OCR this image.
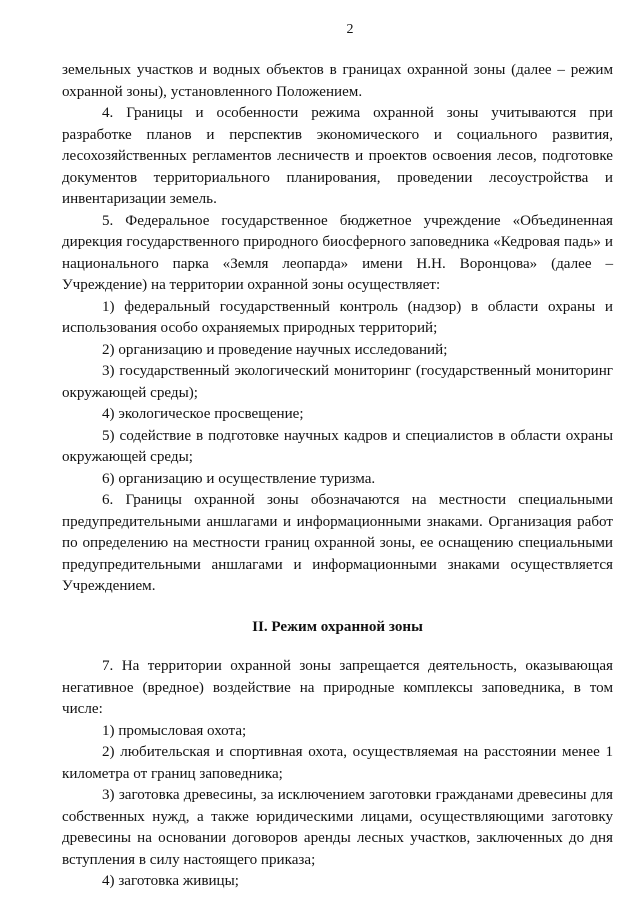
2

земельных участков и водных объектов в границах охранной зоны (далее – режим охранной зоны), установленного Положением.

4. Границы и особенности режима охранной зоны учитываются при разработке планов и перспектив экономического и социального развития, лесохозяйственных регламентов лесничеств и проектов освоения лесов, подготовке документов территориального планирования, проведении лесоустройства и инвентаризации земель.

5. Федеральное государственное бюджетное учреждение «Объединенная дирекция государственного природного биосферного заповедника «Кедровая падь» и национального парка «Земля леопарда» имени Н.Н. Воронцова» (далее – Учреждение) на территории охранной зоны осуществляет:

1) федеральный государственный контроль (надзор) в области охраны и использования особо охраняемых природных территорий;

2) организацию и проведение научных исследований;

3) государственный экологический мониторинг (государственный мониторинг окружающей среды);

4) экологическое просвещение;

5) содействие в подготовке научных кадров и специалистов в области охраны окружающей среды;

6) организацию и осуществление туризма.

6. Границы охранной зоны обозначаются на местности специальными предупредительными аншлагами и информационными знаками. Организация работ по определению на местности границ охранной зоны, ее оснащению специальными предупредительными аншлагами и информационными знаками осуществляется Учреждением.

II. Режим охранной зоны

7. На территории охранной зоны запрещается деятельность, оказывающая негативное (вредное) воздействие на природные комплексы заповедника, в том числе:

1) промысловая охота;

2) любительская и спортивная охота, осуществляемая на расстоянии менее 1 километра от границ заповедника;

3) заготовка древесины, за исключением заготовки гражданами древесины для собственных нужд, а также юридическими лицами, осуществляющими заготовку древесины на основании договоров аренды лесных участков, заключенных до дня вступления в силу настоящего приказа;

4) заготовка живицы;
